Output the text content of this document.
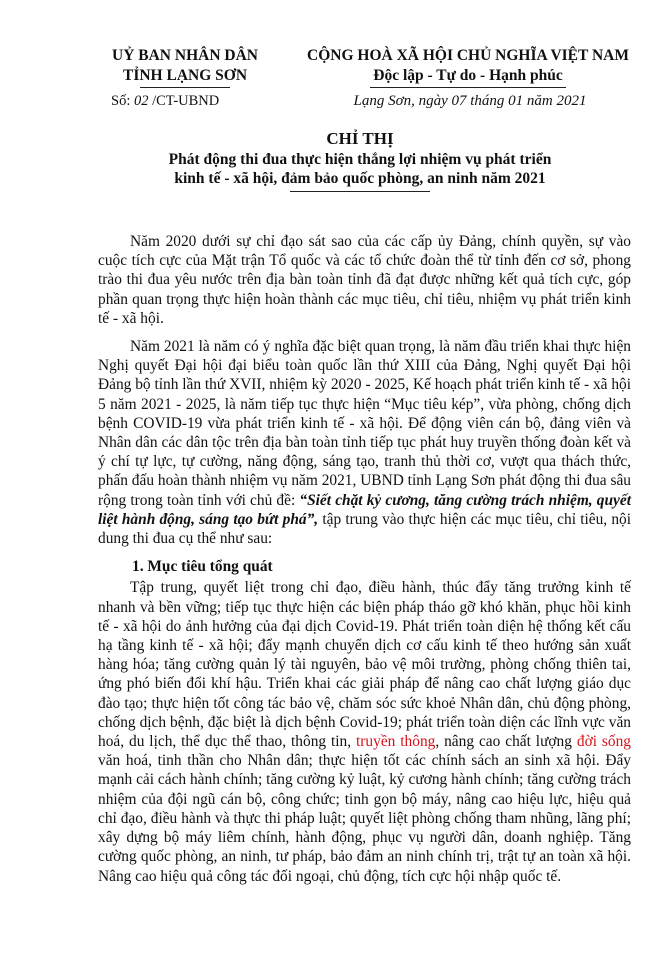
UỶ BAN NHÂN DÂN
TỈNH LẠNG SƠN
CỘNG HOÀ XÃ HỘI CHỦ NGHĨA VIỆT NAM
Độc lập - Tự do - Hạnh phúc
Số: 02 /CT-UBND	Lạng Sơn, ngày 07 tháng 01 năm 2021
CHỈ THỊ
Phát động thi đua thực hiện thắng lợi nhiệm vụ phát triển
kinh tế - xã hội, đảm bảo quốc phòng, an ninh năm 2021

Năm 2020 dưới sự chỉ đạo sát sao của các cấp ủy Đảng, chính quyền, sự vào cuộc tích cực của Mặt trận Tổ quốc và các tổ chức đoàn thể từ tỉnh đến cơ sở, phong trào thi đua yêu nước trên địa bàn toàn tỉnh đã đạt được những kết quả tích cực, góp phần quan trọng thực hiện hoàn thành các mục tiêu, chỉ tiêu, nhiệm vụ phát triển kinh tế - xã hội.

Năm 2021 là năm có ý nghĩa đặc biệt quan trọng, là năm đầu triển khai thực hiện Nghị quyết Đại hội đại biểu toàn quốc lần thứ XIII của Đảng, Nghị quyết Đại hội Đảng bộ tỉnh lần thứ XVII, nhiệm kỳ 2020 - 2025, Kế hoạch phát triển kinh tế - xã hội 5 năm 2021 - 2025, là năm tiếp tục thực hiện “Mục tiêu kép”, vừa phòng, chống dịch bệnh COVID-19 vừa phát triển kinh tế - xã hội. Để động viên cán bộ, đảng viên và Nhân dân các dân tộc trên địa bàn toàn tỉnh tiếp tục phát huy truyền thống đoàn kết và ý chí tự lực, tự cường, năng động, sáng tạo, tranh thủ thời cơ, vượt qua thách thức, phấn đấu hoàn thành nhiệm vụ năm 2021, UBND tỉnh Lạng Sơn phát động thi đua sâu rộng trong toàn tỉnh với chủ đề: “Siết chặt kỷ cương, tăng cường trách nhiệm, quyết liệt hành động, sáng tạo bứt phá”, tập trung vào thực hiện các mục tiêu, chỉ tiêu, nội dung thi đua cụ thể như sau:

1. Mục tiêu tổng quát

Tập trung, quyết liệt trong chỉ đạo, điều hành, thúc đẩy tăng trưởng kinh tế nhanh và bền vững; tiếp tục thực hiện các biện pháp tháo gỡ khó khăn, phục hồi kinh tế - xã hội do ảnh hưởng của đại dịch Covid-19. Phát triển toàn diện hệ thống kết cấu hạ tầng kinh tế - xã hội; đẩy mạnh chuyển dịch cơ cấu kinh tế theo hướng sản xuất hàng hóa; tăng cường quản lý tài nguyên, bảo vệ môi trường, phòng chống thiên tai, ứng phó biến đổi khí hậu. Triển khai các giải pháp để nâng cao chất lượng giáo dục đào tạo; thực hiện tốt công tác bảo vệ, chăm sóc sức khoẻ Nhân dân, chủ động phòng, chống dịch bệnh, đặc biệt là dịch bệnh Covid-19; phát triển toàn diện các lĩnh vực văn hoá, du lịch, thể dục thể thao, thông tin, truyền thông, nâng cao chất lượng đời sống văn hoá, tinh thần cho Nhân dân; thực hiện tốt các chính sách an sinh xã hội. Đẩy mạnh cải cách hành chính; tăng cường kỷ luật, kỷ cương hành chính; tăng cường trách nhiệm của đội ngũ cán bộ, công chức; tinh gọn bộ máy, nâng cao hiệu lực, hiệu quả chỉ đạo, điều hành và thực thi pháp luật; quyết liệt phòng chống tham nhũng, lãng phí; xây dựng bộ máy liêm chính, hành động, phục vụ người dân, doanh nghiệp. Tăng cường quốc phòng, an ninh, tư pháp, bảo đảm an ninh chính trị, trật tự an toàn xã hội. Nâng cao hiệu quả công tác đối ngoại, chủ động, tích cực hội nhập quốc tế.
